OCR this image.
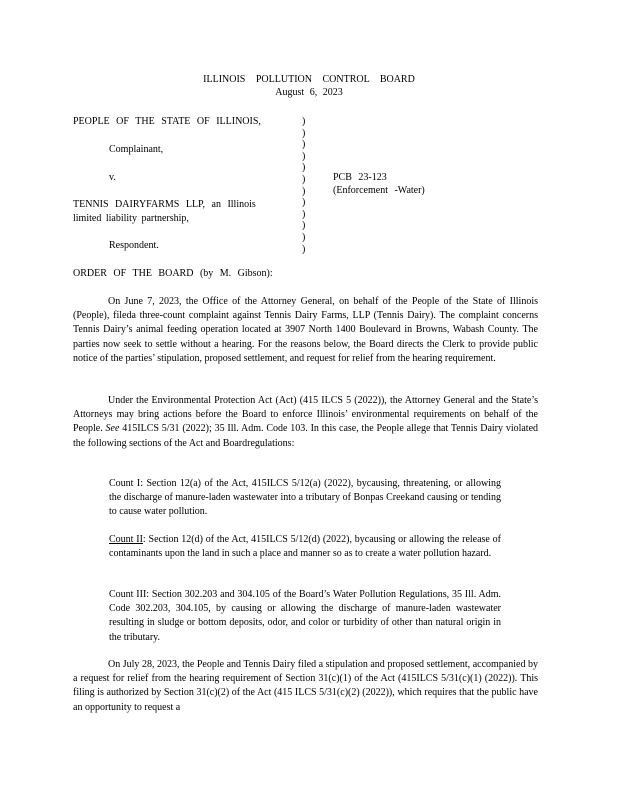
ILLINOIS POLLUTION CONTROL BOARD
August 6, 2023
PEOPLE OF THE STATE OF ILLINOIS,
Complainant,
v.
TENNIS DAIRYFARMS LLP, an Illinois
limited liability partnership,
Respondent.
)
)
)
)
)
)
)
)
)
)
)
)
PCB 23-123
(Enforcement -Water)
ORDER OF THE BOARD (by M. Gibson):
On June 7, 2023, the Office of the Attorney General, on behalf of the People of the State of Illinois (People), fileda three-count complaint against Tennis Dairy Farms, LLP (Tennis Dairy). The complaint concerns Tennis Dairy’s animal feeding operation located at 3907 North 1400 Boulevard in Browns, Wabash County. The parties now seek to settle without a hearing. For the reasons below, the Board directs the Clerk to provide public notice of the parties’ stipulation, proposed settlement, and request for relief from the hearing requirement.
Under the Environmental Protection Act (Act) (415 ILCS 5 (2022)), the Attorney General and the State’s Attorneys may bring actions before the Board to enforce Illinois’ environmental requirements on behalf of the People. See 415ILCS 5/31 (2022); 35 Ill. Adm. Code 103. In this case, the People allege that Tennis Dairy violated the following sections of the Act and Boardregulations:
Count I: Section 12(a) of the Act, 415ILCS 5/12(a) (2022), bycausing, threatening, or allowing the discharge of manure-laden wastewater into a tributary of Bonpas Creekand causing or tending to cause water pollution.
Count II: Section 12(d) of the Act, 415ILCS 5/12(d) (2022), bycausing or allowing the release of contaminants upon the land in such a place and manner so as to create a water pollution hazard.
Count III: Section 302.203 and 304.105 of the Board’s Water Pollution Regulations, 35 Ill. Adm. Code 302.203, 304.105, by causing or allowing the discharge of manure-laden wastewater resulting in sludge or bottom deposits, odor, and color or turbidity of other than natural origin in the tributary.
On July 28, 2023, the People and Tennis Dairy filed a stipulation and proposed settlement, accompanied by a request for relief from the hearing requirement of Section 31(c)(1) of the Act (415ILCS 5/31(c)(1) (2022)). This filing is authorized by Section 31(c)(2) of the Act (415 ILCS 5/31(c)(2) (2022)), which requires that the public have an opportunity to request a
